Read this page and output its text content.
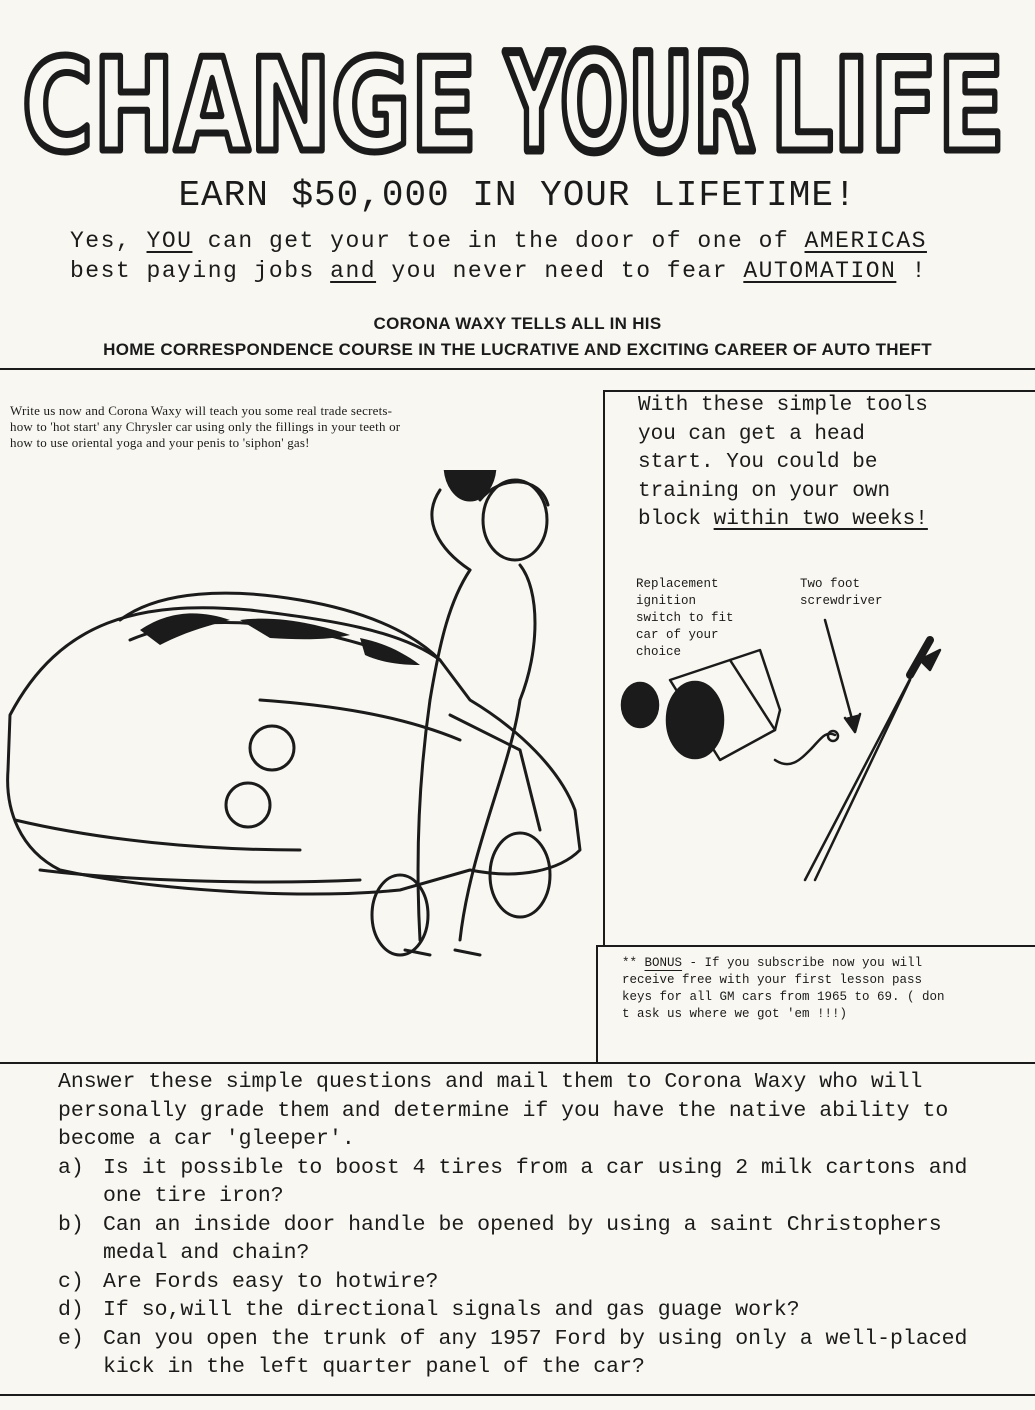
CHANGE YOUR LIFE
EARN $50,000 IN YOUR LIFETIME!
Yes, YOU can get your toe in the door of one of AMERICAS
best paying jobs and you never need to fear AUTOMATION !
CORONA WAXY TELLS ALL IN HIS
HOME CORRESPONDENCE COURSE IN THE LUCRATIVE AND EXCITING CAREER OF AUTO THEFT
Write us now and Corona Waxy will teach you some real trade secrets- how to 'hot start' any Chrysler car using only the fillings in your teeth or how to use oriental yoga and your penis to 'siphon' gas!
With these simple tools you can get a head start. You could be training on your own block within two weeks!
Replacement ignition switch to fit car of your choice
Two foot screwdriver
** BONUS - If you subscribe now you will receive free with your first lesson pass keys for all GM cars from 1965 to 69. ( don t ask us where we got 'em !!!)
Answer these simple questions and mail them to Corona Waxy who will personally grade them and determine if you have the native ability to become a car 'gleeper'.
a) Is it possible to boost 4 tires from a car using 2 milk cartons and one tire iron?
b) Can an inside door handle be opened by using a saint Christophers medal and chain?
c) Are Fords easy to hotwire?
d) If so,will the directional signals and gas guage work?
e) Can you open the trunk of any 1957 Ford by using only a well-placed kick in the left quarter panel of the car?
